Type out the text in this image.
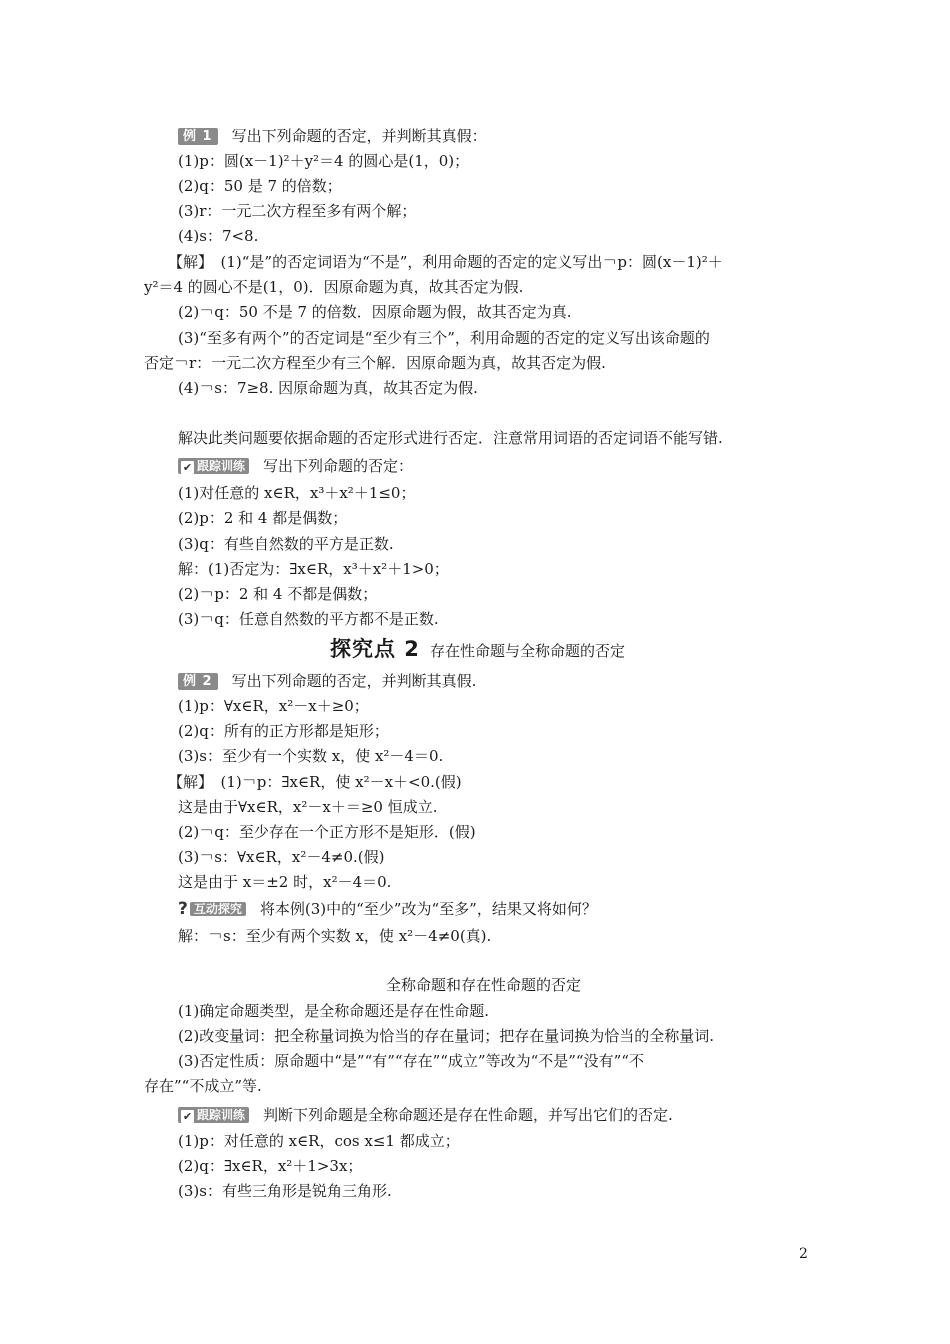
例 1 写出下列命题的否定，并判断其真假：
(1)p：圆(x－1)²＋y²＝4 的圆心是(1，0)；
(2)q：50 是 7 的倍数；
(3)r：一元二次方程至多有两个解；
(4)s：7<8.
【解】　(1)“是”的否定词语为“不是”，利用命题的否定的定义写出￢p：圆(x－1)²＋
y²＝4 的圆心不是(1，0)．因原命题为真，故其否定为假.
(2)￢q：50 不是 7 的倍数．因原命题为假，故其否定为真.
(3)“至多有两个”的否定词是“至少有三个”，利用命题的否定的定义写出该命题的
否定￢r：一元二次方程至少有三个解．因原命题为真，故其否定为假.
(4)￢s：7≥8. 因原命题为真，故其否定为假.
解决此类问题要依据命题的否定形式进行否定．注意常用词语的否定词语不能写错.
✔ 跟踪训练 写出下列命题的否定：
(1)对任意的 x∈R，x³＋x²＋1≤0；
(2)p：2 和 4 都是偶数；
(3)q：有些自然数的平方是正数.
解：(1)否定为：∃x∈R，x³＋x²＋1>0；
(2)￢p：2 和 4 不都是偶数；
(3)￢q：任意自然数的平方都不是正数.
探究点 2 存在性命题与全称命题的否定
例 2 写出下列命题的否定，并判断其真假.
(1)p：∀x∈R，x²－x＋≥0；
(2)q：所有的正方形都是矩形；
(3)s：至少有一个实数 x，使 x²－4＝0.
【解】　(1)￢p：∃x∈R，使 x²－x＋<0.(假)
这是由于∀x∈R，x²－x＋＝≥0 恒成立.
(2)￢q：至少存在一个正方形不是矩形．(假)
(3)￢s：∀x∈R，x²－4≠0.(假)
这是由于 x＝±2 时，x²－4＝0.
? 互动探究 将本例(3)中的“至少”改为“至多”，结果又将如何？
解：￢s：至少有两个实数 x，使 x²－4≠0(真).
全称命题和存在性命题的否定
(1)确定命题类型，是全称命题还是存在性命题.
(2)改变量词：把全称量词换为恰当的存在量词；把存在量词换为恰当的全称量词.
(3)否定性质：原命题中“是”“有”“存在”“成立”等改为“不是”“没有”“不
存在”“不成立”等.
✔ 跟踪训练 判断下列命题是全称命题还是存在性命题，并写出它们的否定.
(1)p：对任意的 x∈R，cos x≤1 都成立；
(2)q：∃x∈R，x²＋1>3x；
(3)s：有些三角形是锐角三角形.
2
